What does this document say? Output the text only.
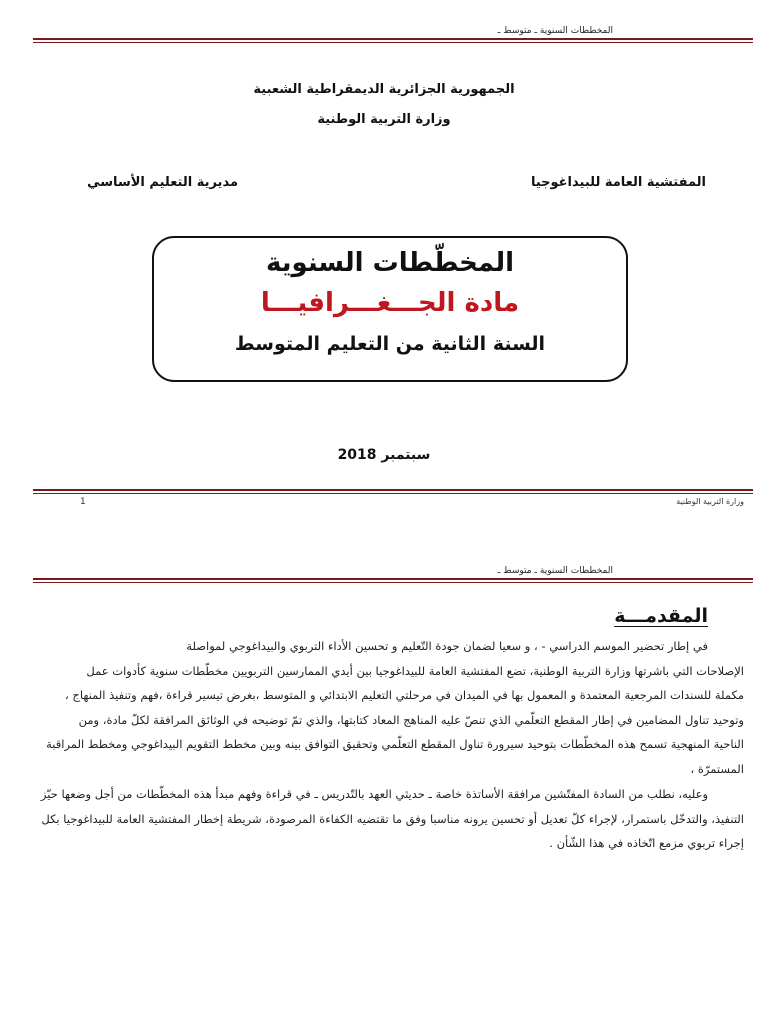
المخططات السنوية ـ متوسط ـ
الجمهورية الجزائرية الديمقراطية الشعبية
وزارة التربية الوطنية
المفتشية العامة للبيداغوجيا
مديرية التعليم الأساسي
المخطّطات السنوية
مادة الجـــغـــرافيـــا
السنة الثانية من التعليم المتوسط
سبتمبر 2018
وزارة التربية الوطنية
1
المخططات السنوية ـ متوسط ـ
المقدمـــة
في إطار تحضير الموسم الدراسي - ، و سعيا لضمان جودة التّعليم و تحسين الأداء التربوي والبيداغوجي لمواصلة
الإصلاحات التي باشرتها وزارة التربية الوطنية، تضع المفتشية العامة للبيداغوجيا بين أيدي الممارسين التربويين مخطّطات سنوية كأدوات عمل
مكملة للسندات المرجعية المعتمدة و المعمول بها في الميدان في مرحلتي التعليم الابتدائي و المتوسط ،بغرض تيسير قراءة ،فهم وتنفيذ المنهاج ،
وتوحيد تناول المضامين في إطار المقطع التعلّمي الذي تنصّ عليه المناهج المعاد كتابتها، والذي تمّ توضيحه في الوثائق المرافقة لكلّ مادة، ومن
الناحية المنهجية تسمح هذه المخطّطات بتوحيد سيرورة تناول المقطع التعلّمي وتحقيق التوافق بينه وبين مخطط التقويم البيداغوجي ومخطط المراقبة
المستمرّة ،
وعليه، نطلب من السادة المفتّشين مرافقة الأساتذة خاصة ـ حديثي العهد بالتّدريس ـ في قراءة وفهم مبدأ هذه المخطّطات من أجل وضعها حيّز
التنفيذ، والتدخّل باستمرار، لإجراء كلّ تعديل أو تحسين يرونه مناسبا وفق ما تقتضيه الكفاءة المرصودة، شريطة إخطار المفتشية العامة للبيداغوجيا بكل
إجراء تربوي مزمع اتّخاذه في هذا الشّأن .
